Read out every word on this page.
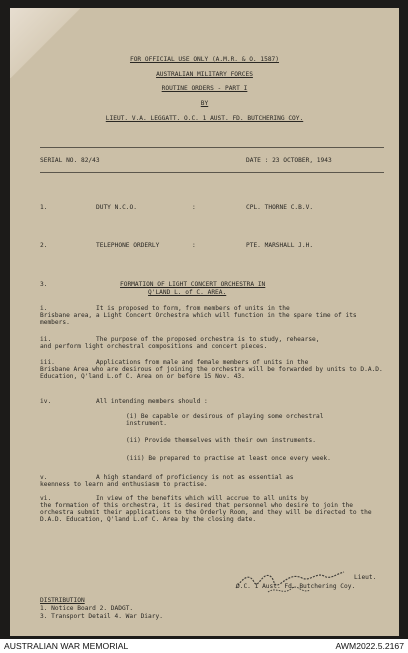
FOR OFFICIAL USE ONLY (A.M.R. & O. 1587)
AUSTRALIAN MILITARY FORCES
ROUTINE ORDERS - PART I
BY
LIEUT. V.A. LEGGATT. O.C. 1 AUST. FD. BUTCHERING COY.
SERIAL NO. 82/43	DATE : 23 OCTOBER, 1943
1.	DUTY N.C.O.	:	CPL. THORNE C.B.V.
2.	TELEPHONE ORDERLY	:	PTE. MARSHALL J.H.
3.	FORMATION OF LIGHT CONCERT ORCHESTRA IN
Q'LAND L. of C. AREA.
i.	It is proposed to form, from members of units in the
Brisbane area, a Light Concert Orchestra which will function in the spare time of its members.
ii.	The purpose of the proposed orchestra is to study, rehearse,
and perform light orchestral compositions and concert pieces.
iii.	Applications from male and female members of units in the
Brisbane Area who are desirous of joining the orchestra will be forwarded by units to D.A.D. Education, Q'land L.of C. Area on or before 15 Nov. 43.
iv.	All intending members should :
(i) Be capable or desirous of playing some orchestral instrument.
(ii) Provide themselves with their own instruments.
(iii) Be prepared to practise at least once every week.
v.	A high standard of proficiency is not as essential as
keenness to learn and enthusiasm to practise.
vi.	In view of the benefits which will accrue to all units by
the formation of this orchestra, it is desired that personnel who desire to join the orchestra submit their applications to the Orderly Room, and they will be directed to the D.A.D. Education, Q'land L.of C. Area by the closing date.
Lieut.
O.C. 1 Aust. Fd. Butchering Coy.
DISTRIBUTION
1. Notice Board 2. DADGT.
3. Transport Detail 4. War Diary.
AUSTRALIAN WAR MEMORIAL	AWM2022.5.2167
